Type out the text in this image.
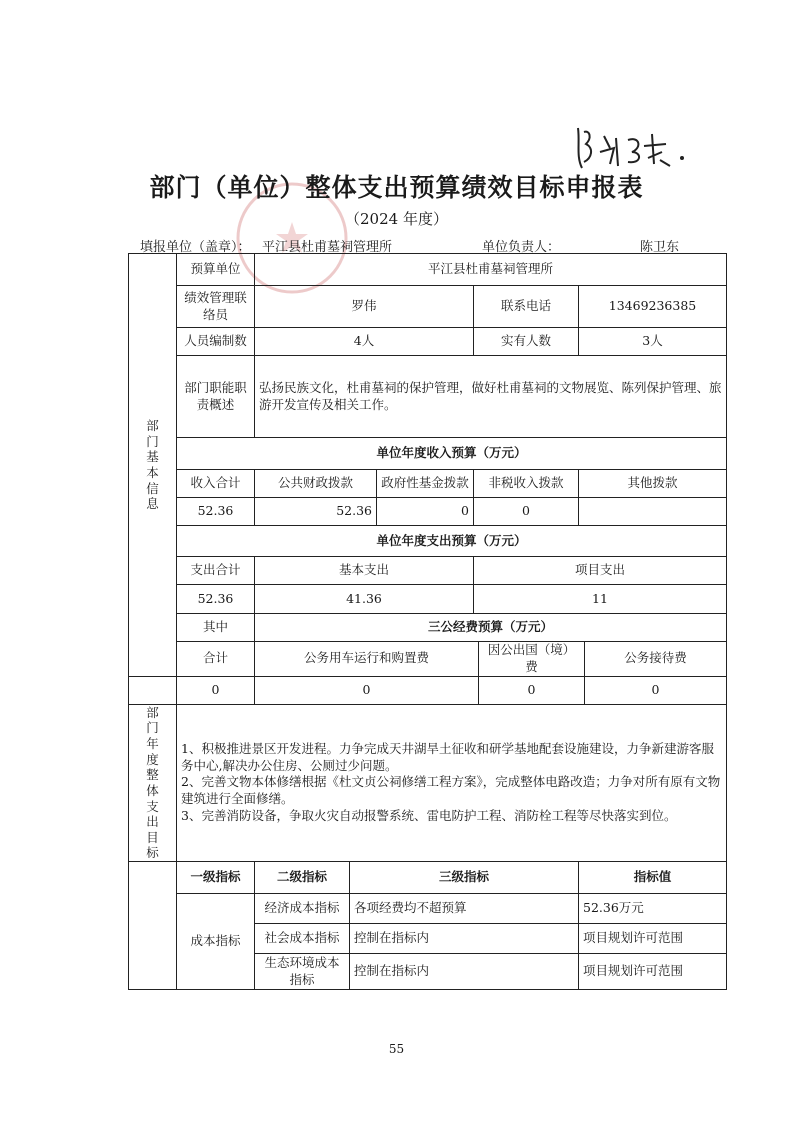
部门（单位）整体支出预算绩效目标申报表
（2024 年度）
填报单位（盖章）： 平江县杜甫墓祠管理所	单位负责人：	陈卫东
部门基本信息	预算单位	平江县杜甫墓祠管理所						
	绩效管理联络员	罗伟			联系电话		13469236385	
	人员编制数	4人			实有人数		3人	
	部门职能职责概述	弘扬民族文化，杜甫墓祠的保护管理，做好杜甫墓祠的文物展览、陈列保护管理、旅游开发宣传及相关工作。						
	单位年度收入预算（万元）							
	收入合计	公共财政拨款		政府性基金拨款	非税收入拨款		其他拨款	
	52.36	52.36		0	0			
	单位年度支出预算（万元）							
	支出合计	基本支出			项目支出			
	52.36	41.36			11			
	其中	三公经费预算（万元）						
	合计	公务用车运行和购置费				因公出国（境）费		公务接待费
	0	0				0		0

部门年度整体支出目标	1、积极推进景区开发进程。力争完成天井湖旱土征收和研学基地配套设施建设，力争新建游客服务中心,解决办公住房、公厕过少问题。
2、完善文物本体修缮根据《杜文贞公祠修缮工程方案》，完成整体电路改造；力争对所有原有文物建筑进行全面修缮。
3、完善消防设备，争取火灾自动报警系统、雷电防护工程、消防栓工程等尽快落实到位。							

	一级指标	二级指标	三级指标				指标值	
	成本指标	经济成本指标	各项经费均不超预算				52.36万元	
		社会成本指标	控制在指标内				项目规划许可范围	
		生态环境成本指标	控制在指标内				项目规划许可范围	
55
